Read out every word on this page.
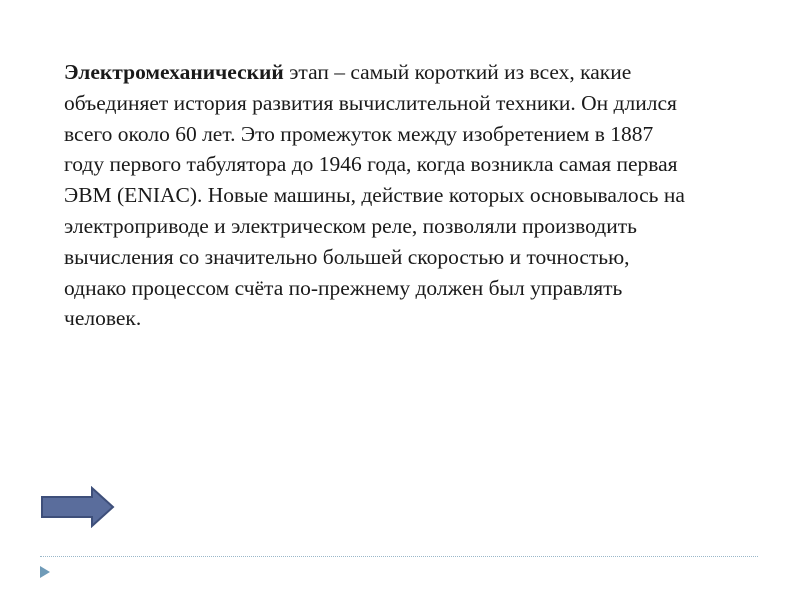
Электромеханический этап – самый короткий из всех, какие объединяет история развития вычислительной техники. Он длился всего около 60 лет. Это промежуток между изобретением в 1887 году первого табулятора до 1946 года, когда возникла самая первая ЭВМ (ENIAC). Новые машины, действие которых основывалось на электроприводе и электрическом реле, позволяли производить вычисления со значительно большей скоростью и точностью, однако процессом счёта по-прежнему должен был управлять человек.
